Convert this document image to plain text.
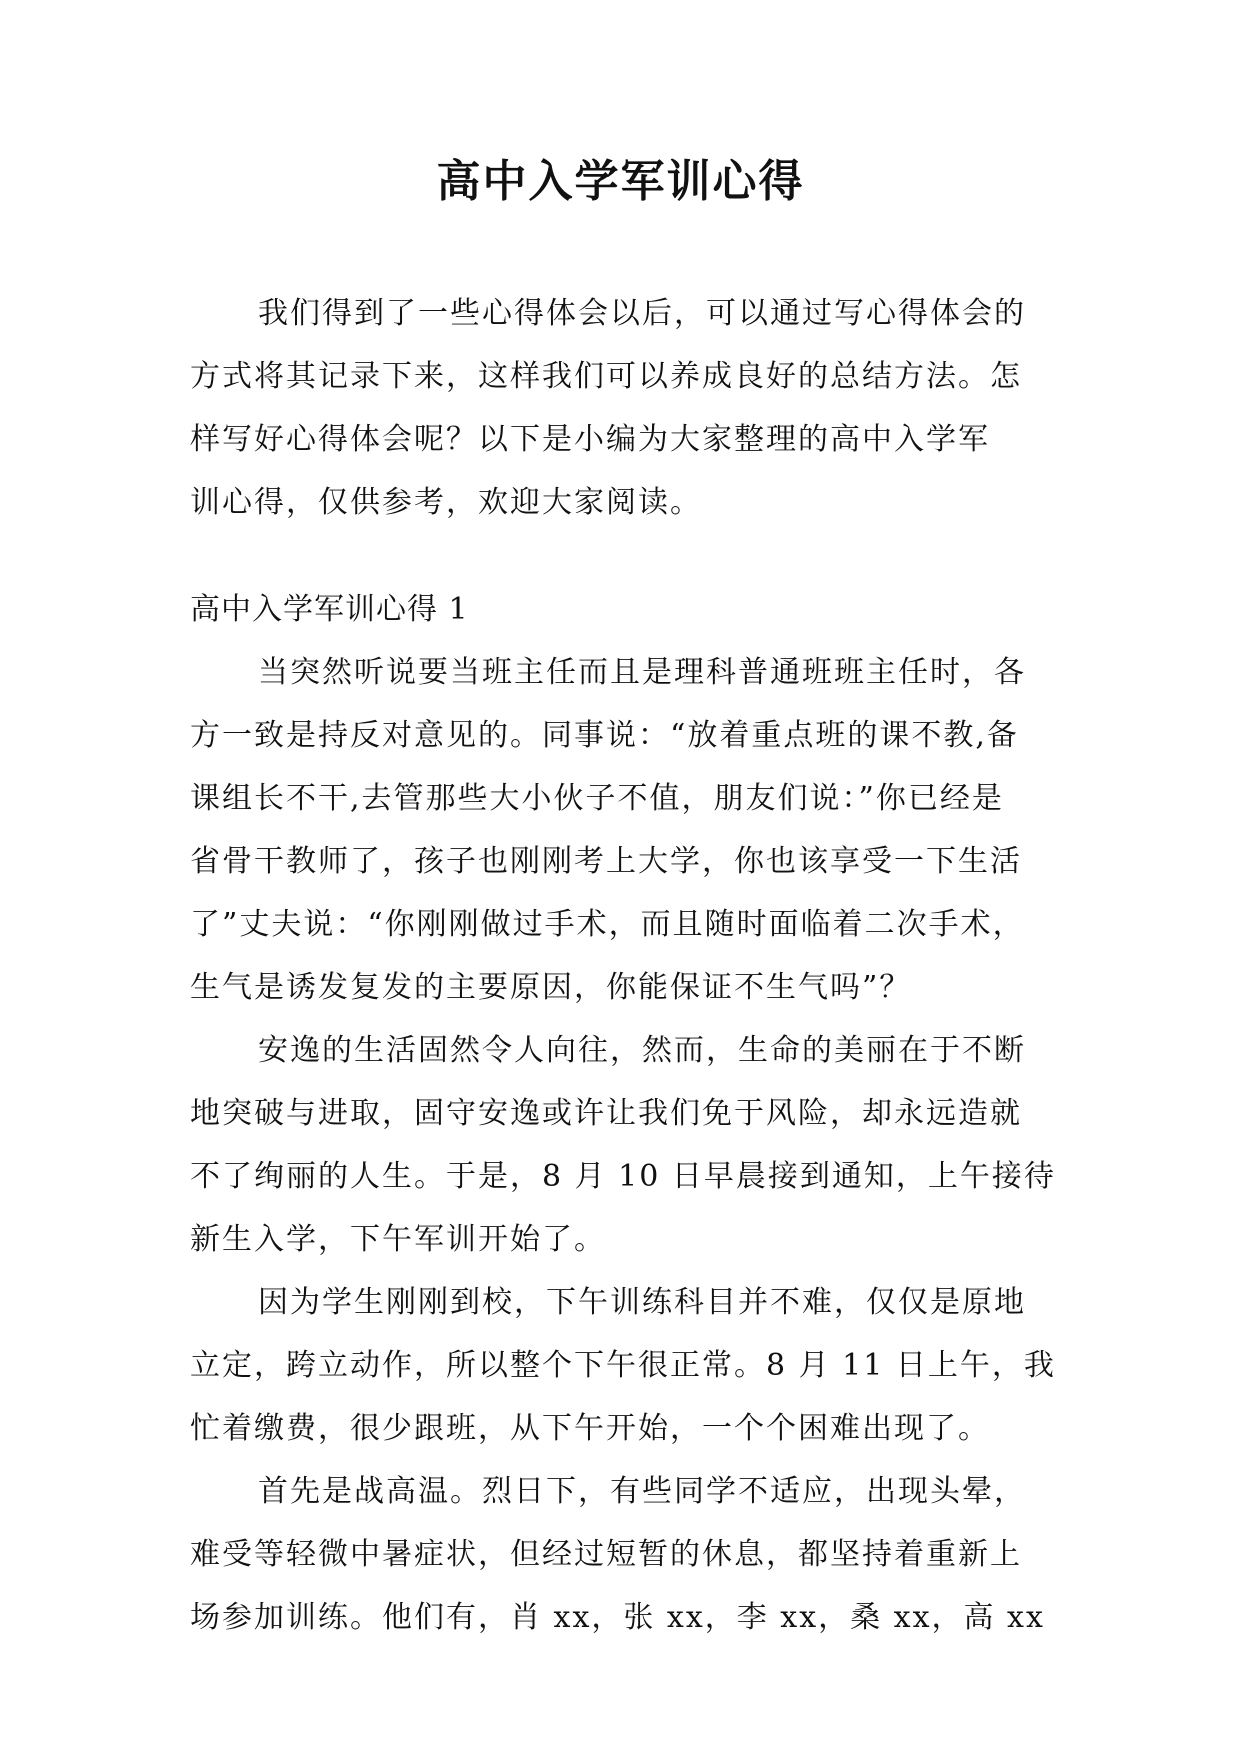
高中入学军训心得
我们得到了一些心得体会以后，可以通过写心得体会的
方式将其记录下来，这样我们可以养成良好的总结方法。怎
样写好心得体会呢？以下是小编为大家整理的高中入学军
训心得，仅供参考，欢迎大家阅读。
高中入学军训心得 1
当突然听说要当班主任而且是理科普通班班主任时，各
方一致是持反对意见的。同事说：“放着重点班的课不教,备
课组长不干,去管那些大小伙子不值，朋友们说：”你已经是
省骨干教师了，孩子也刚刚考上大学，你也该享受一下生活
了”丈夫说：“你刚刚做过手术，而且随时面临着二次手术，
生气是诱发复发的主要原因，你能保证不生气吗”？
安逸的生活固然令人向往，然而，生命的美丽在于不断
地突破与进取，固守安逸或许让我们免于风险，却永远造就
不了绚丽的人生。于是，8 月 10 日早晨接到通知，上午接待
新生入学，下午军训开始了。
因为学生刚刚到校，下午训练科目并不难，仅仅是原地
立定，跨立动作，所以整个下午很正常。8 月 11 日上午，我
忙着缴费，很少跟班，从下午开始，一个个困难出现了。
首先是战高温。烈日下，有些同学不适应，出现头晕，
难受等轻微中暑症状，但经过短暂的休息，都坚持着重新上
场参加训练。他们有，肖 xx，张 xx，李 xx，桑 xx，高 xx
